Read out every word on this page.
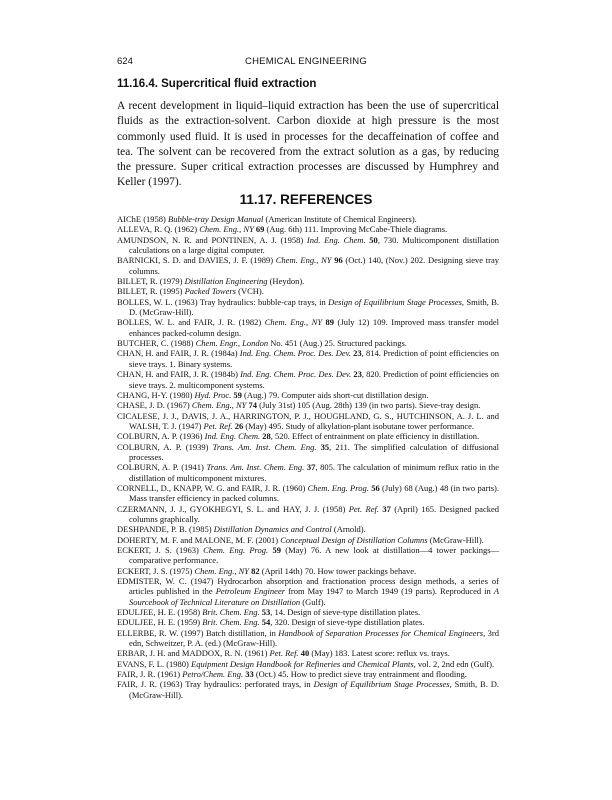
624	CHEMICAL ENGINEERING
11.16.4. Supercritical fluid extraction

A recent development in liquid–liquid extraction has been the use of supercritical fluids as the extraction-solvent. Carbon dioxide at high pressure is the most commonly used fluid. It is used in processes for the decaffeination of coffee and tea. The solvent can be recovered from the extract solution as a gas, by reducing the pressure. Super critical extraction processes are discussed by Humphrey and Keller (1997).

11.17. REFERENCES
AIChE (1958) Bubble-tray Design Manual (American Institute of Chemical Engineers).
ALLEVA, R. Q. (1962) Chem. Eng., NY 69 (Aug. 6th) 111. Improving McCabe-Thiele diagrams.
AMUNDSON, N. R. and PONTINEN, A. J. (1958) Ind. Eng. Chem. 50, 730. Multicomponent distillation calculations on a large digital computer.
BARNICKI, S. D. and DAVIES, J. F. (1989) Chem. Eng., NY 96 (Oct.) 140, (Nov.) 202. Designing sieve tray columns.
BILLET, R. (1979) Distillation Engineering (Heydon).
BILLET, R. (1995) Packed Towers (VCH).
BOLLES, W. L. (1963) Tray hydraulics: bubble-cap trays, in Design of Equilibrium Stage Processes, Smith, B. D. (McGraw-Hill).
BOLLES, W. L. and FAIR, J. R. (1982) Chem. Eng., NY 89 (July 12) 109. Improved mass transfer model enhances packed-column design.
BUTCHER, C. (1988) Chem. Engr., London No. 451 (Aug.) 25. Structured packings.
CHAN, H. and FAIR, J. R. (1984a) Ind. Eng. Chem. Proc. Des. Dev. 23, 814. Prediction of point efficiencies on sieve trays. 1. Binary systems.
CHAN, H. and FAIR, J. R. (1984b) Ind. Eng. Chem. Proc. Des. Dev. 23, 820. Prediction of point efficiencies on sieve trays. 2. multicomponent systems.
CHANG, H-Y. (1980) Hyd. Proc. 59 (Aug.) 79. Computer aids short-cut distillation design.
CHASE, J. D. (1967) Chem. Eng., NY 74 (July 31st) 105 (Aug. 28th) 139 (in two parts). Sieve-tray design.
CICALESE, J. J., DAVIS, J. A., HARRINGTON, P. J., HOUGHLAND, G. S., HUTCHINSON, A. J. L. and WALSH, T. J. (1947) Pet. Ref. 26 (May) 495. Study of alkylation-plant isobutane tower performance.
COLBURN, A. P. (1936) Ind. Eng. Chem. 28, 520. Effect of entrainment on plate efficiency in distillation.
COLBURN, A. P. (1939) Trans. Am. Inst. Chem. Eng. 35, 211. The simplified calculation of diffusional processes.
COLBURN, A. P. (1941) Trans. Am. Inst. Chem. Eng. 37, 805. The calculation of minimum reflux ratio in the distillation of multicomponent mixtures.
CORNELL, D., KNAPP, W. G. and FAIR, J. R. (1960) Chem. Eng. Prog. 56 (July) 68 (Aug.) 48 (in two parts). Mass transfer efficiency in packed columns.
CZERMANN, J. J., GYOKHEGYI, S. L. and HAY, J. J. (1958) Pet. Ref. 37 (April) 165. Designed packed columns graphically.
DESHPANDE, P. B. (1985) Distillation Dynamics and Control (Arnold).
DOHERTY, M. F. and MALONE, M. F. (2001) Conceptual Design of Distillation Columns (McGraw-Hill).
ECKERT, J. S. (1963) Chem. Eng. Prog. 59 (May) 76. A new look at distillation—4 tower packings—comparative performance.
ECKERT, J. S. (1975) Chem. Eng., NY 82 (April 14th) 70. How tower packings behave.
EDMISTER, W. C. (1947) Hydrocarbon absorption and fractionation process design methods, a series of articles published in the Petroleum Engineer from May 1947 to March 1949 (19 parts). Reproduced in A Sourcebook of Technical Literature on Distillation (Gulf).
EDULJEE, H. E. (1958) Brit. Chem. Eng. 53, 14. Design of sieve-type distillation plates.
EDULJEE, H. E. (1959) Brit. Chem. Eng. 54, 320. Design of sieve-type distillation plates.
ELLERBE, R. W. (1997) Batch distillation, in Handbook of Separation Processes for Chemical Engineers, 3rd edn, Schweitzer, P. A. (ed.) (McGraw-Hill).
ERBAR, J. H. and MADDOX, R. N. (1961) Pet. Ref. 40 (May) 183. Latest score: reflux vs. trays.
EVANS, F. L. (1980) Equipment Design Handbook for Refineries and Chemical Plants, vol. 2, 2nd edn (Gulf).
FAIR, J. R. (1961) Petro/Chem. Eng. 33 (Oct.) 45. How to predict sieve tray entrainment and flooding.
FAIR, J. R. (1963) Tray hydraulics: perforated trays, in Design of Equilibrium Stage Processes, Smith, B. D. (McGraw-Hill).
